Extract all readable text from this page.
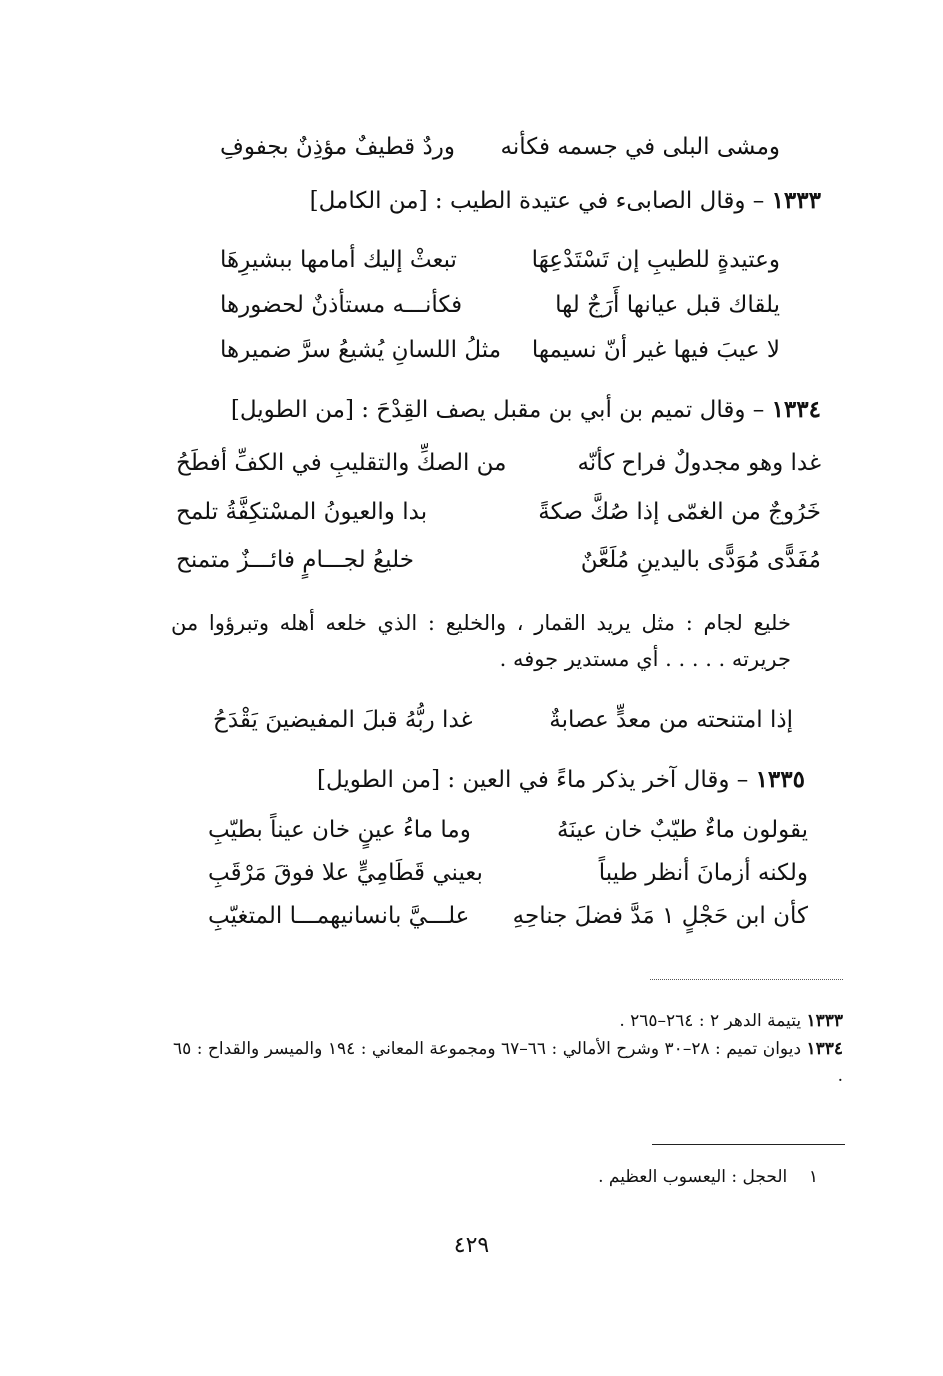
ومشى البلى في جسمه فكأنه
وردٌ قطيفٌ مؤذِنٌ بجفوفِ
١٣٣٣ – وقال الصابىء في عتيدة الطيب : [من الكامل]
وعتيدةٍ للطيبِ إن تَسْتَدْعِهَا
تبعثْ إليك أمامها ببشيرِهَا
يلقاك قبل عيانها أَرَجٌ لها
فكأنـــه مستأذنٌ لحضورها
لا عيبَ فيها غير أنّ نسيمها
مثلُ اللسانِ يُشيعُ سرَّ ضميرها
١٣٣٤ – وقال تميم بن أبي بن مقبل يصف القِدْحَ : [من الطويل]
غدا وهو مجدولٌ فراح كأنّه
من الصكِّ والتقليبِ في الكفِّ أفطَحُ
خَرُوجٌ من الغمّى إذا صُكَّ صكةً
بدا والعيونُ المسْتكِفَّةُ تلمح
مُفَدًّى مُوَدًّى باليدينِ مُلَعَّنٌ
خليعُ لجـــامٍ فائـــزٌ متمنح
خليع لجام : مثل يريد القمار ، والخليع : الذي خلعه أهله وتبرؤوا من جريرته . . . . . أي مستدير جوفه .
إذا امتنحته من معدٍّ عصابةٌ
غدا ربُّهُ قبلَ المفيضينَ يَقْدَحُ
١٣٣٥ – وقال آخر يذكر ماءً في العين : [من الطويل]
يقولون ماءٌ طيّبٌ خان عينَهُ
وما ماءُ عينٍ خان عيناً بطيّبِ
ولكنه أزمانَ أنظر طيباً
بعيني قَطَامِيٍّ علا فوقَ مَرْقَبِ
كأن ابن حَجْلٍ ١ مَدَّ فضلَ جناحِهِ
علـــيَّ بانسانيهمـــا المتغيّبِ
١٣٣٣ يتيمة الدهر ٢ : ٢٦٤–٢٦٥ .
١٣٣٤ ديوان تميم : ٢٨–٣٠ وشرح الأمالي : ٦٦–٦٧ ومجموعة المعاني : ١٩٤ والميسر والقداح : ٦٥ .
١    الحجل : اليعسوب العظيم .
٤٢٩
